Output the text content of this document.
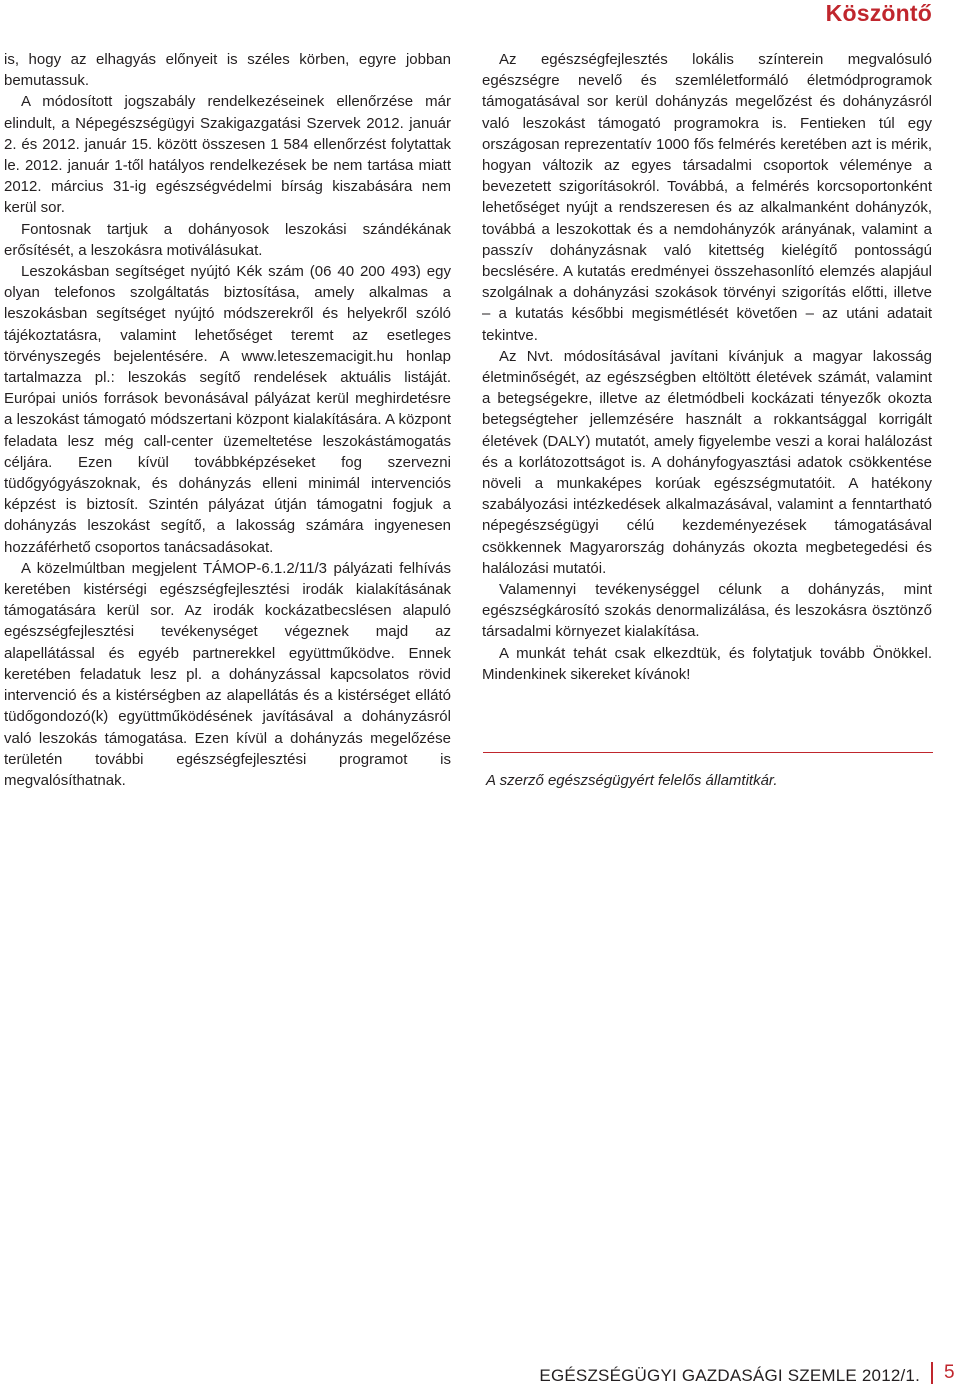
Köszöntő

is, hogy az elhagyás előnyeit is széles körben, egyre jobban bemutassuk.

A módosított jogszabály rendelkezéseinek ellenőrzése már elindult, a Népegészségügyi Szakigazgatási Szervek 2012. január 2. és 2012. január 15. között összesen 1 584 ellenőrzést folytattak le. 2012. január 1-től hatályos rendelkezések be nem tartása miatt 2012. március 31-ig egészségvédelmi bírság kiszabására nem kerül sor.

Fontosnak tartjuk a dohányosok leszokási szándékának erősítését, a leszokásra motiválásukat.

Leszokásban segítséget nyújtó Kék szám (06 40 200 493) egy olyan telefonos szolgáltatás biztosítása, amely alkalmas a leszokásban segítséget nyújtó módszerekről és helyekről szóló tájékoztatásra, valamint lehetőséget teremt az esetleges törvényszegés bejelentésére. A www.leteszemacigit.hu honlap tartalmazza pl.: leszokás segítő rendelések aktuális listáját. Európai uniós források bevonásával pályázat kerül meghirdetésre a leszokást támogató módszertani központ kialakítására. A központ feladata lesz még call-center üzemeltetése leszokástámogatás céljára. Ezen kívül továbbképzéseket fog szervezni tüdőgyógyászoknak, és dohányzás elleni minimál intervenciós képzést is biztosít. Szintén pályázat útján támogatni fogjuk a dohányzás leszokást segítő, a lakosság számára ingyenesen hozzáférhető csoportos tanácsadásokat.

A közelmúltban megjelent TÁMOP-6.1.2/11/3 pályázati felhívás keretében kistérségi egészségfejlesztési irodák kialakításának támogatására kerül sor. Az irodák kockázatbecslésen alapuló egészségfejlesztési tevékenységet végeznek majd az alapellátással és egyéb partnerekkel együttműködve. Ennek keretében feladatuk lesz pl. a dohányzással kapcsolatos rövid intervenció és a kistérségben az alapellátás és a kistérséget ellátó tüdőgondozó(k) együttműködésének javításával a dohányzásról való leszokás támogatása. Ezen kívül a dohányzás megelőzése területén további egészségfejlesztési programot is megvalósíthatnak.

Az egészségfejlesztés lokális színterein megvalósuló egészségre nevelő és szemléletformáló életmódprogramok támogatásával sor kerül dohányzás megelőzést és dohányzásról való leszokást támogató programokra is. Fentieken túl egy országosan reprezentatív 1000 fős felmérés keretében azt is mérik, hogyan változik az egyes társadalmi csoportok véleménye a bevezetett szigorításokról. Továbbá, a felmérés korcsoportonként lehetőséget nyújt a rendszeresen és az alkalmanként dohányzók, továbbá a leszokottak és a nemdohányzók arányának, valamint a passzív dohányzásnak való kitettség kielégítő pontosságú becslésére. A kutatás eredményei összehasonlító elemzés alapjául szolgálnak a dohányzási szokások törvényi szigorítás előtti, illetve – a kutatás későbbi megismétlését követően – az utáni adatait tekintve.

Az Nvt. módosításával javítani kívánjuk a magyar lakosság életminőségét, az egészségben eltöltött életévek számát, valamint a betegségekre, illetve az életmódbeli kockázati tényezők okozta betegségteher jellemzésére használt a rokkantsággal korrigált életévek (DALY) mutatót, amely figyelembe veszi a korai halálozást és a korlátozottságot is. A dohányfogyasztási adatok csökkentése növeli a munkaképes korúak egészségmutatóit. A hatékony szabályozási intézkedések alkalmazásával, valamint a fenntartható népegészségügyi célú kezdeményezések támogatásával csökkennek Magyarország dohányzás okozta megbetegedési és halálozási mutatói.

Valamennyi tevékenységgel célunk a dohányzás, mint egészségkárosító szokás denormalizálása, és leszokásra ösztönző társadalmi környezet kialakítása.

A munkát tehát csak elkezdtük, és folytatjuk tovább Önökkel. Mindenkinek sikereket kívánok!

A szerző egészségügyért felelős államtitkár.
EGÉSZSÉGÜGYI GAZDASÁGI SZEMLE 2012/1. 5
